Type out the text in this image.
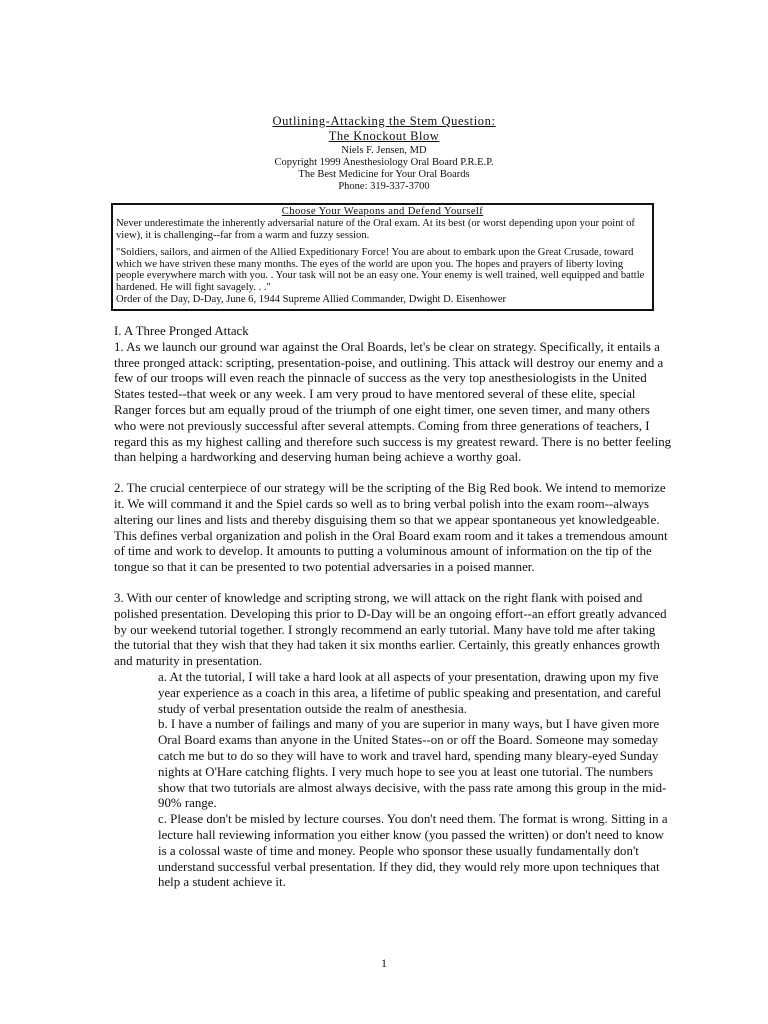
Outlining-Attacking the Stem Question:
The Knockout Blow
Niels F. Jensen, MD
Copyright 1999 Anesthesiology Oral Board P.R.E.P.
The Best Medicine for Your Oral Boards
Phone: 319-337-3700
Choose Your Weapons and Defend Yourself

Never underestimate the inherently adversarial nature of the Oral exam. At its best (or worst depending upon your point of view), it is challenging--far from a warm and fuzzy session.

"Soldiers, sailors, and airmen of the Allied Expeditionary Force! You are about to embark upon the Great Crusade, toward which we have striven these many months. The eyes of the world are upon you. The hopes and prayers of liberty loving people everywhere march with you. . Your task will not be an easy one. Your enemy is well trained, well equipped and battle hardened. He will fight savagely. . ."

Order of the Day, D-Day, June 6, 1944 Supreme Allied Commander, Dwight D. Eisenhower

I. A Three Pronged Attack

1. As we launch our ground war against the Oral Boards, let's be clear on strategy. Specifically, it entails a three pronged attack: scripting, presentation-poise, and outlining. This attack will destroy our enemy and a few of our troops will even reach the pinnacle of success as the very top anesthesiologists in the United States tested--that week or any week. I am very proud to have mentored several of these elite, special Ranger forces but am equally proud of the triumph of one eight timer, one seven timer, and many others who were not previously successful after several attempts. Coming from three generations of teachers, I regard this as my highest calling and therefore such success is my greatest reward. There is no better feeling than helping a hardworking and deserving human being achieve a worthy goal.

2. The crucial centerpiece of our strategy will be the scripting of the Big Red book. We intend to memorize it. We will command it and the Spiel cards so well as to bring verbal polish into the exam room--always altering our lines and lists and thereby disguising them so that we appear spontaneous yet knowledgeable. This defines verbal organization and polish in the Oral Board exam room and it takes a tremendous amount of time and work to develop. It amounts to putting a voluminous amount of information on the tip of the tongue so that it can be presented to two potential adversaries in a poised manner.

3. With our center of knowledge and scripting strong, we will attack on the right flank with poised and polished presentation. Developing this prior to D-Day will be an ongoing effort--an effort greatly advanced by our weekend tutorial together. I strongly recommend an early tutorial. Many have told me after taking the tutorial that they wish that they had taken it six months earlier. Certainly, this greatly enhances growth and maturity in presentation.

a. At the tutorial, I will take a hard look at all aspects of your presentation, drawing upon my five year experience as a coach in this area, a lifetime of public speaking and presentation, and careful study of verbal presentation outside the realm of anesthesia.

b. I have a number of failings and many of you are superior in many ways, but I have given more Oral Board exams than anyone in the United States--on or off the Board. Someone may someday catch me but to do so they will have to work and travel hard, spending many bleary-eyed Sunday nights at O'Hare catching flights. I very much hope to see you at least one tutorial. The numbers show that two tutorials are almost always decisive, with the pass rate among this group in the mid-90% range.

c. Please don't be misled by lecture courses. You don't need them. The format is wrong. Sitting in a lecture hall reviewing information you either know (you passed the written) or don't need to know is a colossal waste of time and money. People who sponsor these usually fundamentally don't understand successful verbal presentation. If they did, they would rely more upon techniques that help a student achieve it.

1
